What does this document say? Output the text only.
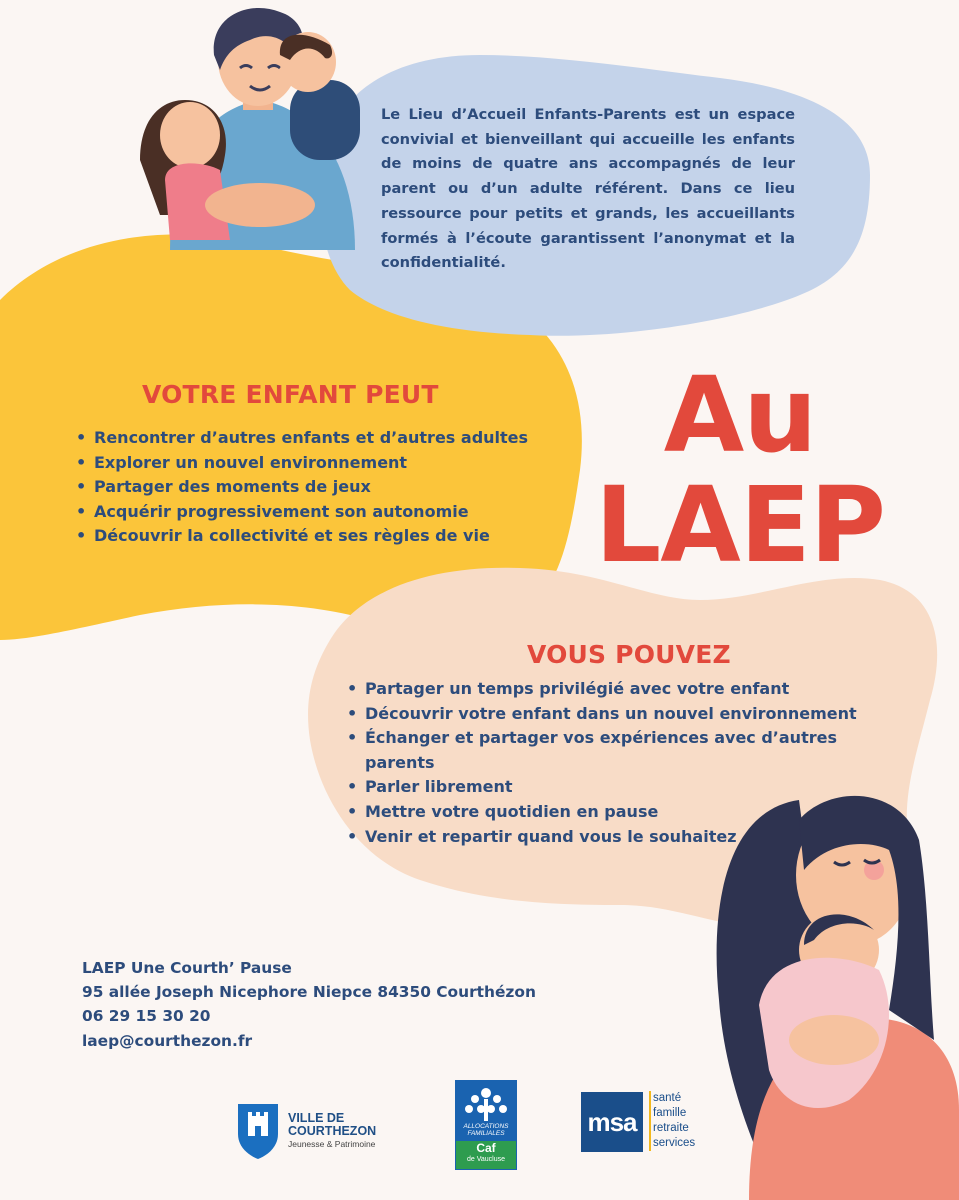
Le Lieu d’Accueil Enfants-Parents est un espace convivial et bienveillant qui accueille les enfants de moins de quatre ans accompagnés de leur parent ou d’un adulte référent. Dans ce lieu ressource pour petits et grands, les accueillants formés à l’écoute garantissent l’anonymat et la confidentialité.
Au
LAEP
VOTRE ENFANT PEUT
• Rencontrer d’autres enfants et d’autres adultes
• Explorer un nouvel environnement
• Partager des moments de jeux
• Acquérir progressivement son autonomie
• Découvrir la collectivité et ses règles de vie
VOUS POUVEZ
• Partager un temps privilégié avec votre enfant
• Découvrir votre enfant dans un nouvel environnement
• Échanger et partager vos expériences avec d’autres parents
• Parler librement
• Mettre votre quotidien en pause
• Venir et repartir quand vous le souhaitez
LAEP Une Courth’ Pause
95 allée Joseph Nicephore Niepce 84350 Courthézon
06 29 15 30 20
laep@courthezon.fr
VILLE DE
COURTHEZON
Jeunesse & Patrimoine
ALLOCATIONS
FAMILIALES
Caf
de Vaucluse
msa
santé
famille
retraite
services
